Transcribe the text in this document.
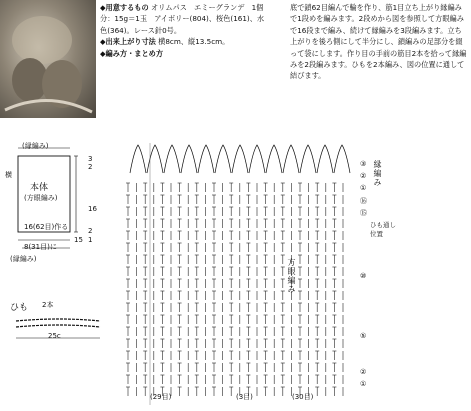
◆用意するもの オリムパス　エミーグランデ　1個分：15g＝1玉　アイボリー(804)、桜色(161)、水色(364)。レース針0号。

◆出来上がり寸法 横8cm、縦13.5cm。

◆編み方・まとめ方

底で鎖62目編んで輪を作り、筋1目立ち上がり縁編みで1段めを編みます。2段めから図を参照して方眼編みで16段まで編み、続けて縁編みを3段編みます。立ち上がりを後ろ側にして半分にし、鎖編みの足部分を綴って袋にします。作り目の手前の筋目2本を拾って縁編みを2段編みます。ひもを2本編み、図の位置に通して結びます。

(縁編み)
本体
(方眼編み)
横
3
2
16
15
2
1
16(62目)作る
8(31目)に
(縁編み)
ひも 2本
25c
縁編み
方眼編み
ひも通し位置
③
②
①
⑯
⑮
⑩
⑤
②
①
(29目)	(3目)	(30目)
